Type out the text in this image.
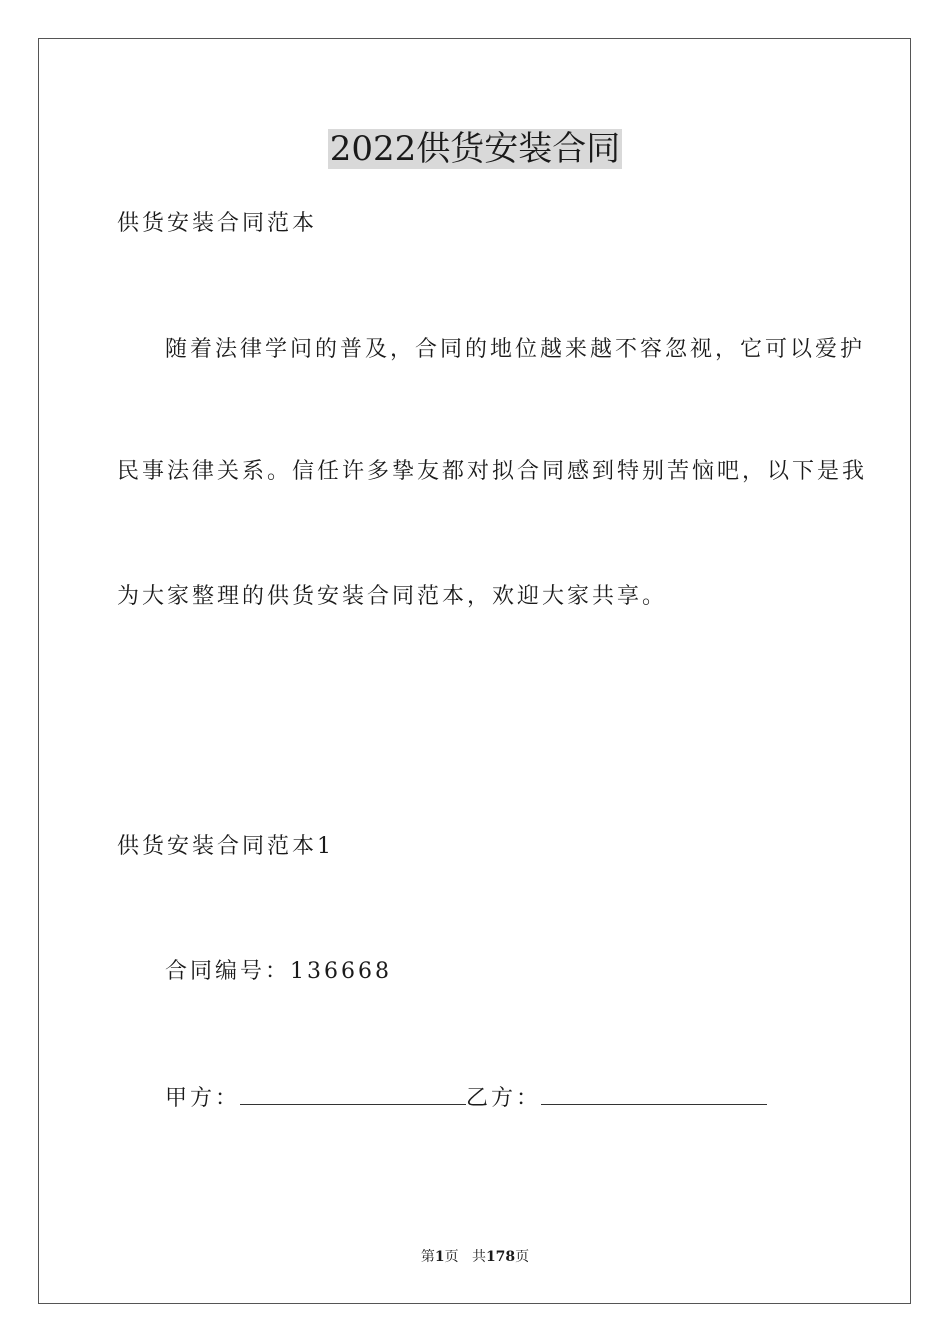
2022供货安装合同
供货安装合同范本
随着法律学问的普及，合同的地位越来越不容忽视，它可以爱护
民事法律关系。信任许多挚友都对拟合同感到特别苦恼吧，以下是我
为大家整理的供货安装合同范本，欢迎大家共享。
供货安装合同范本1
合同编号：136668
甲方：	乙方：
第1页 共178页
